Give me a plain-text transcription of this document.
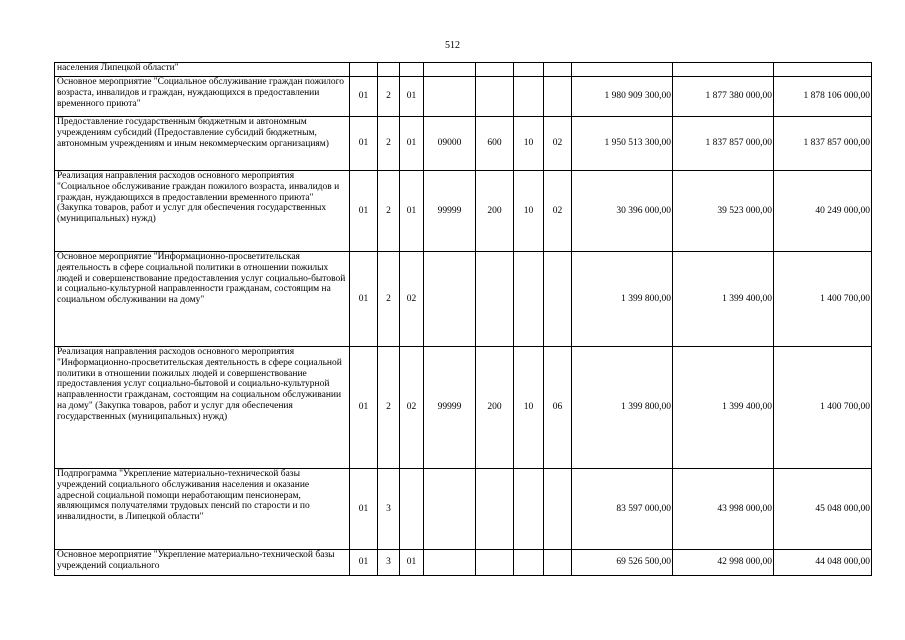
512
населения Липецкой области"										
Основное мероприятие "Социальное обслуживание граждан пожилого возраста, инвалидов и граждан, нуждающихся в предоставлении временного приюта"	01	2	01					1 980 909 300,00	1 877 380 000,00	1 878 106 000,00
Предоставление государственным бюджетным и автономным учреждениям субсидий (Предоставление субсидий бюджетным, автономным учреждениям и иным некоммерческим организациям)	01	2	01	09000	600	10	02	1 950 513 300,00	1 837 857 000,00	1 837 857 000,00
Реализация направления расходов основного мероприятия "Социальное обслуживание граждан пожилого возраста, инвалидов и граждан, нуждающихся в предоставлении временного приюта" (Закупка товаров, работ и услуг для обеспечения государственных (муниципальных) нужд)	01	2	01	99999	200	10	02	30 396 000,00	39 523 000,00	40 249 000,00
Основное мероприятие "Информационно-просветительская деятельность в сфере социальной политики в отношении пожилых людей и совершенствование предоставления услуг социально-бытовой и социально-культурной направленности гражданам, состоящим на социальном обслуживании на дому"	01	2	02					1 399 800,00	1 399 400,00	1 400 700,00
Реализация направления расходов основного мероприятия "Информационно-просветительская деятельность в сфере социальной политики в отношении пожилых людей и совершенствование предоставления услуг социально-бытовой и социально-культурной направленности гражданам, состоящим на социальном обслуживании на дому" (Закупка товаров, работ и услуг для обеспечения государственных (муниципальных) нужд)	01	2	02	99999	200	10	06	1 399 800,00	1 399 400,00	1 400 700,00
Подпрограмма "Укрепление материально-технической базы учреждений социального обслуживания населения и оказание адресной социальной помощи неработающим пенсионерам, являющимся получателями трудовых пенсий по старости и по инвалидности, в Липецкой области"	01	3						83 597 000,00	43 998 000,00	45 048 000,00
Основное мероприятие "Укрепление материально-технической базы учреждений социального	01	3	01					69 526 500,00	42 998 000,00	44 048 000,00
